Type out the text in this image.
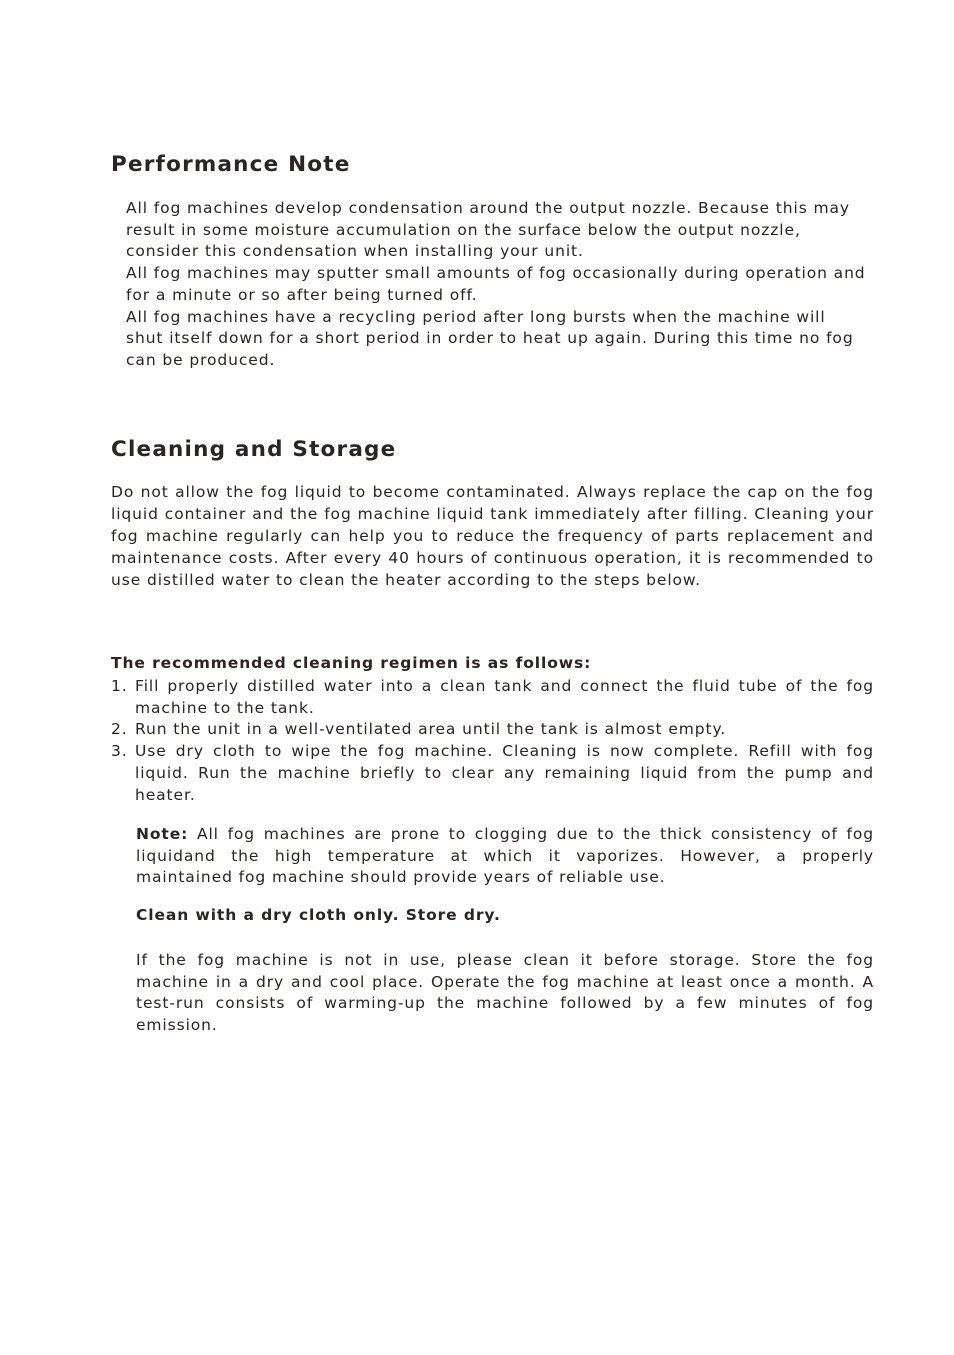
Performance Note

All fog machines develop condensation around the output nozzle. Because this may result in some moisture accumulation on the surface below the output nozzle, consider this condensation when installing your unit.

All fog machines may sputter small amounts of fog occasionally during operation and for a minute or so after being turned off.

All fog machines have a recycling period after long bursts when the machine will shut itself down for a short period in order to heat up again. During this time no fog can be produced.

Cleaning and Storage

Do not allow the fog liquid to become contaminated. Always replace the cap on the fog liquid container and the fog machine liquid tank immediately after filling. Cleaning your fog machine regularly can help you to reduce the frequency of parts replacement and maintenance costs. After every 40 hours of continuous operation, it is recommended to use distilled water to clean the heater according to the steps below.

The recommended cleaning regimen is as follows:

1. Fill properly distilled water into a clean tank and connect the fluid tube of the fog machine to the tank.
2. Run the unit in a well-ventilated area until the tank is almost empty.
3. Use dry cloth to wipe the fog machine. Cleaning is now complete. Refill with fog liquid. Run the machine briefly to clear any remaining liquid from the pump and heater.

Note: All fog machines are prone to clogging due to the thick consistency of fog liquidand the high temperature at which it vaporizes. However, a properly maintained fog machine should provide years of reliable use.

Clean with a dry cloth only. Store dry.

If the fog machine is not in use, please clean it before storage. Store the fog machine in a dry and cool place. Operate the fog machine at least once a month. A test-run consists of warming-up the machine followed by a few minutes of fog emission.
